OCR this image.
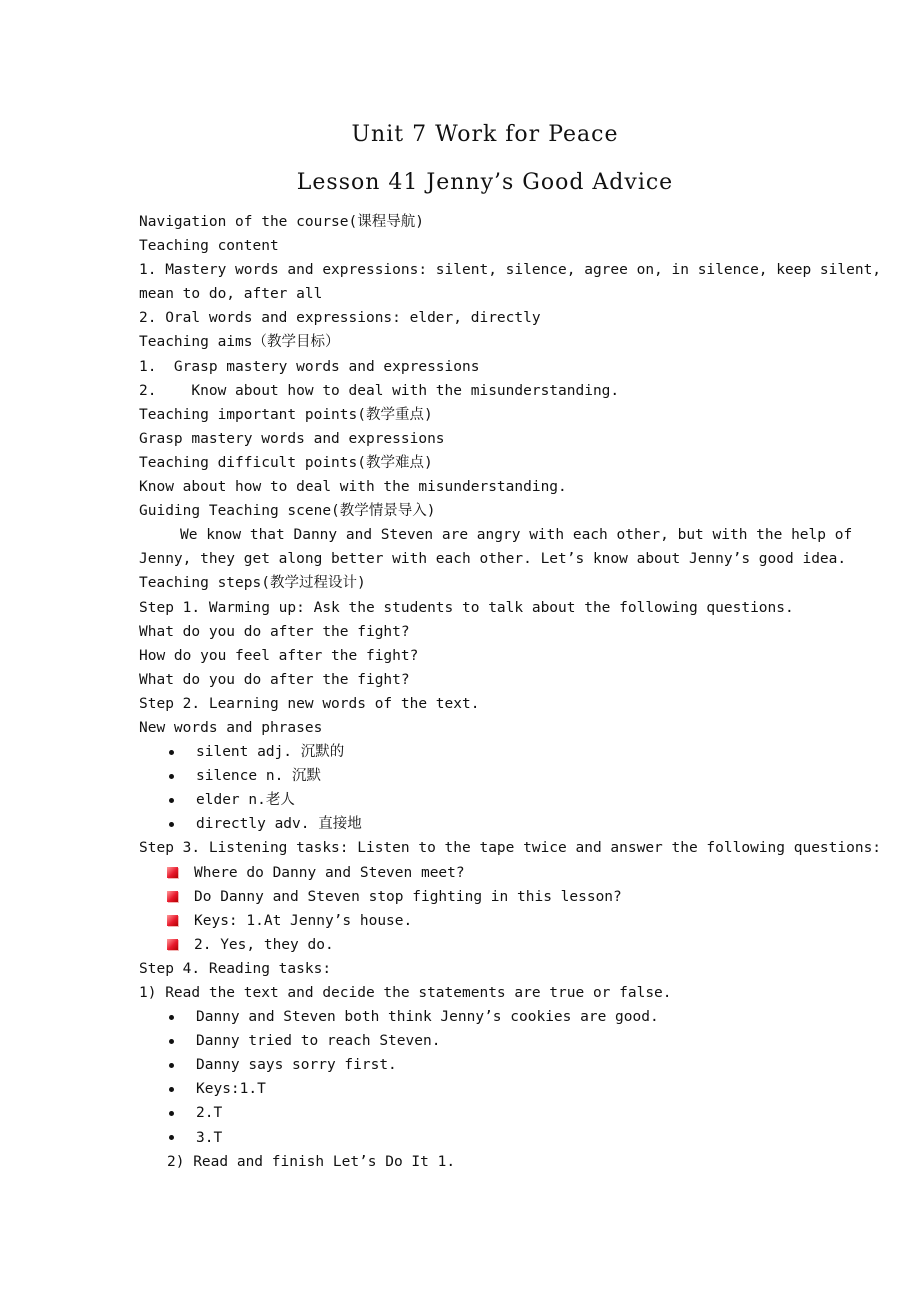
Unit 7 Work for Peace
Lesson 41 Jenny’s Good Advice
Navigation of the course(课程导航)
Teaching content
1. Mastery words and expressions: silent, silence, agree on, in silence, keep silent,
mean to do, after all
2. Oral words and expressions: elder, directly
Teaching aims（教学目标）
1.  Grasp mastery words and expressions
2.    Know about how to deal with the misunderstanding.
Teaching important points(教学重点)
Grasp mastery words and expressions
Teaching difficult points(教学难点)
Know about how to deal with the misunderstanding.
Guiding Teaching scene(教学情景导入)
We know that Danny and Steven are angry with each other, but with the help of
Jenny, they get along better with each other. Let’s know about Jenny’s good idea.
Teaching steps(教学过程设计)
Step 1. Warming up: Ask the students to talk about the following questions.
What do you do after the fight?
How do you feel after the fight?
What do you do after the fight?
Step 2. Learning new words of the text.
New words and phrases
silent adj. 沉默的
silence n. 沉默
elder n.老人
directly adv. 直接地
Step 3. Listening tasks: Listen to the tape twice and answer the following questions:
Where do Danny and Steven meet?
Do Danny and Steven stop fighting in this lesson?
Keys: 1.At Jenny’s house.
2. Yes, they do.
Step 4. Reading tasks:
1) Read the text and decide the statements are true or false.
Danny and Steven both think Jenny’s cookies are good.
Danny tried to reach Steven.
Danny says sorry first.
Keys:1.T
2.T
3.T
2) Read and finish Let’s Do It 1.
